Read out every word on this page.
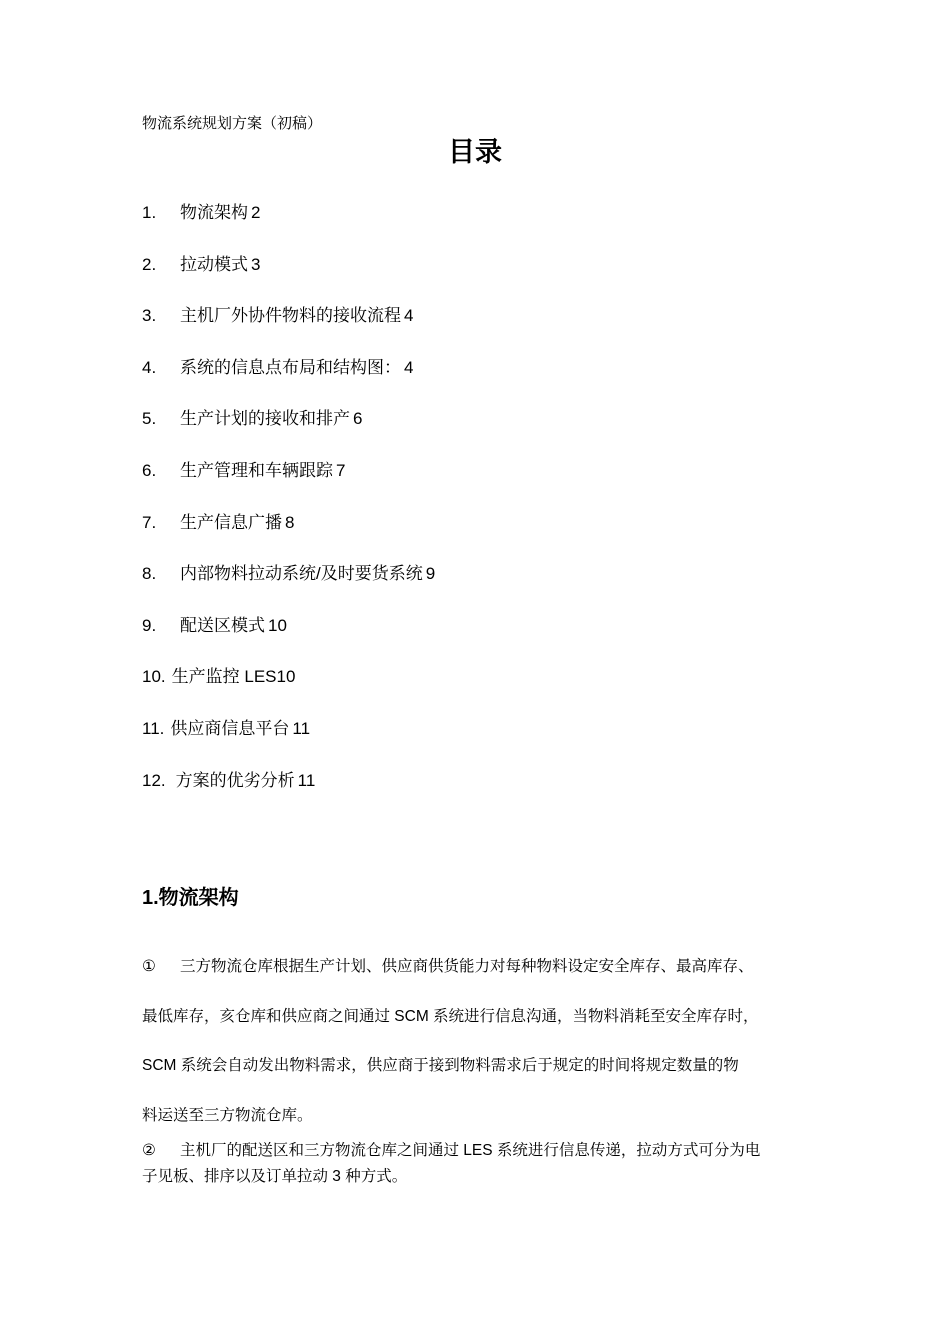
物流系统规划方案（初稿）
目录
1.	物流架构 2
2.	拉动模式 3
3.	主机厂外协件物料的接收流程 4
4.	系统的信息点布局和结构图： 4
5.	生产计划的接收和排产 6
6.	生产管理和车辆跟踪 7
7.	生产信息广播 8
8.	内部物料拉动系统/及时要货系统 9
9.	配送区模式 10
10. 生产监控 LES 10
11. 供应商信息平台 11
12. 方案的优劣分析 11
1.物流架构
① 三方物流仓库根据生产计划、供应商供货能力对每种物料设定安全库存、最高库存、
最低库存，亥仓库和供应商之间通过 SCM 系统进行信息沟通，当物料消耗至安全库存时，
SCM 系统会自动发出物料需求，供应商于接到物料需求后于规定的时间将规定数量的物
料运送至三方物流仓库。
② 主机厂的配送区和三方物流仓库之间通过 LES 系统进行信息传递，拉动方式可分为电
子见板、排序以及订单拉动 3 种方式。
